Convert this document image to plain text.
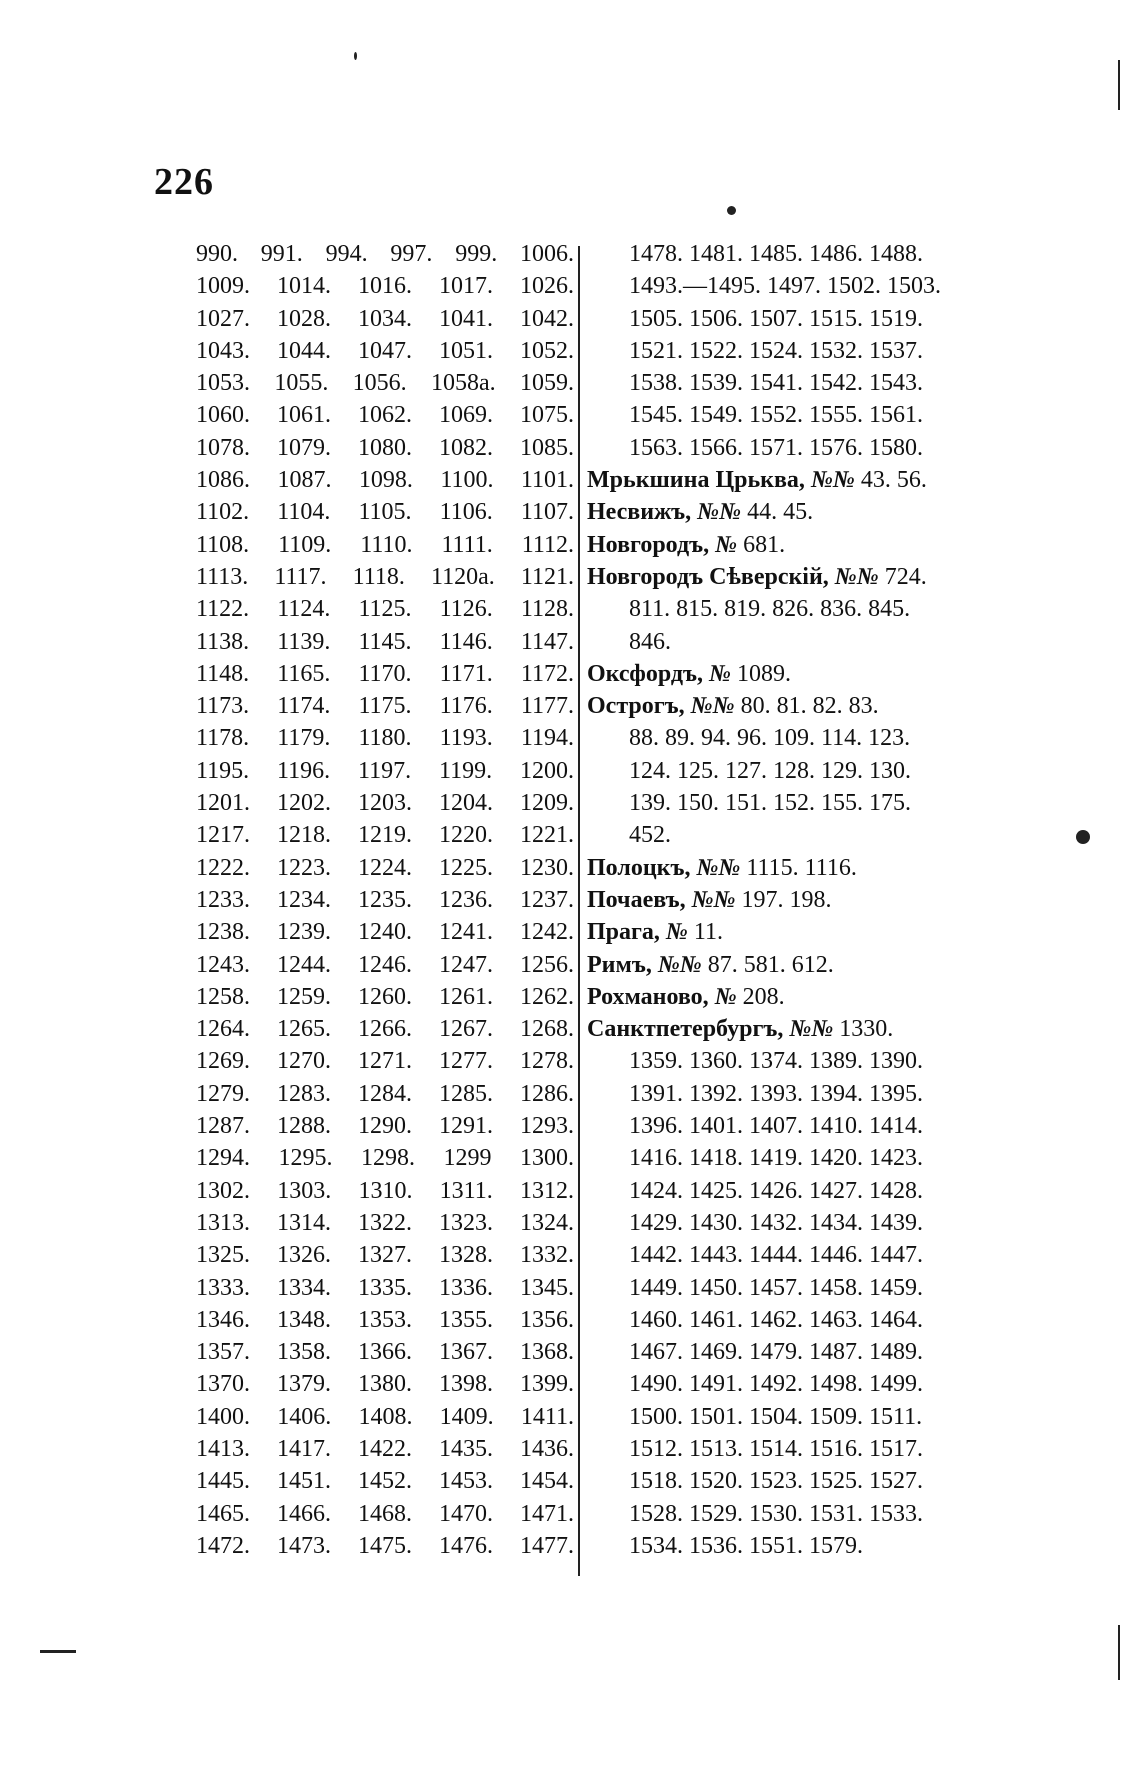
226
990. 991. 994. 997. 999. 1006.
1009. 1014. 1016. 1017. 1026.
1027. 1028. 1034. 1041. 1042.
1043. 1044. 1047. 1051. 1052.
1053. 1055. 1056. 1058а. 1059.
1060. 1061. 1062. 1069. 1075.
1078. 1079. 1080. 1082. 1085.
1086. 1087. 1098. 1100. 1101.
1102. 1104. 1105. 1106. 1107.
1108. 1109. 1110. 1111. 1112.
1113. 1117. 1118. 1120а. 1121.
1122. 1124. 1125. 1126. 1128.
1138. 1139. 1145. 1146. 1147.
1148. 1165. 1170. 1171. 1172.
1173. 1174. 1175. 1176. 1177.
1178. 1179. 1180. 1193. 1194.
1195. 1196. 1197. 1199. 1200.
1201. 1202. 1203. 1204. 1209.
1217. 1218. 1219. 1220. 1221.
1222. 1223. 1224. 1225. 1230.
1233. 1234. 1235. 1236. 1237.
1238. 1239. 1240. 1241. 1242.
1243. 1244. 1246. 1247. 1256.
1258. 1259. 1260. 1261. 1262.
1264. 1265. 1266. 1267. 1268.
1269. 1270. 1271. 1277. 1278.
1279. 1283. 1284. 1285. 1286.
1287. 1288. 1290. 1291. 1293.
1294. 1295. 1298. 1299 1300.
1302. 1303. 1310. 1311. 1312.
1313. 1314. 1322. 1323. 1324.
1325. 1326. 1327. 1328. 1332.
1333. 1334. 1335. 1336. 1345.
1346. 1348. 1353. 1355. 1356.
1357. 1358. 1366. 1367. 1368.
1370. 1379. 1380. 1398. 1399.
1400. 1406. 1408. 1409. 1411.
1413. 1417. 1422. 1435. 1436.
1445. 1451. 1452. 1453. 1454.
1465. 1466. 1468. 1470. 1471.
1472. 1473. 1475. 1476. 1477.
1478. 1481. 1485. 1486. 1488.
1493.—1495. 1497. 1502. 1503.
1505. 1506. 1507. 1515. 1519.
1521. 1522. 1524. 1532. 1537.
1538. 1539. 1541. 1542. 1543.
1545. 1549. 1552. 1555. 1561.
1563. 1566. 1571. 1576. 1580.
Мрькшина Црьква, №№ 43. 56.
Несвижъ, №№ 44. 45.
Новгородъ, № 681.
Новгородъ Сѣверскій, №№ 724.
811. 815. 819. 826. 836. 845.
846.
Оксфордъ, № 1089.
Острогъ, №№ 80. 81. 82. 83.
88. 89. 94. 96. 109. 114. 123.
124. 125. 127. 128. 129. 130.
139. 150. 151. 152. 155. 175.
452.
Полоцкъ, №№ 1115. 1116.
Почаевъ, №№ 197. 198.
Прага, № 11.
Римъ, №№ 87. 581. 612.
Рохманово, № 208.
Санктпетербургъ, №№ 1330.
1359. 1360. 1374. 1389. 1390.
1391. 1392. 1393. 1394. 1395.
1396. 1401. 1407. 1410. 1414.
1416. 1418. 1419. 1420. 1423.
1424. 1425. 1426. 1427. 1428.
1429. 1430. 1432. 1434. 1439.
1442. 1443. 1444. 1446. 1447.
1449. 1450. 1457. 1458. 1459.
1460. 1461. 1462. 1463. 1464.
1467. 1469. 1479. 1487. 1489.
1490. 1491. 1492. 1498. 1499.
1500. 1501. 1504. 1509. 1511.
1512. 1513. 1514. 1516. 1517.
1518. 1520. 1523. 1525. 1527.
1528. 1529. 1530. 1531. 1533.
1534. 1536. 1551. 1579.
